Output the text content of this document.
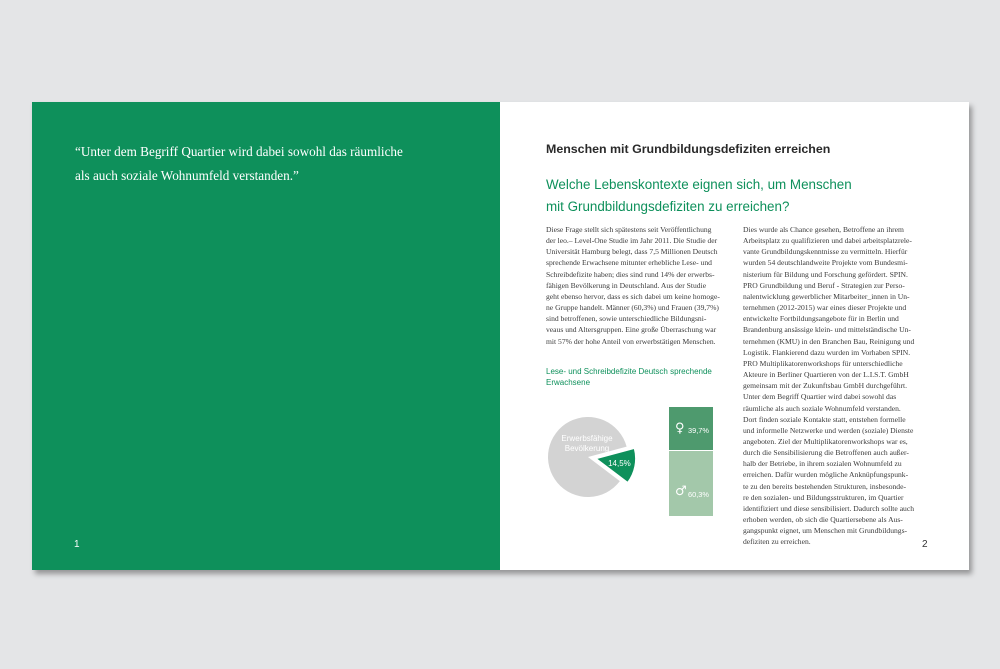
“Unter dem Begriff Quartier wird dabei sowohl das räumliche
als auch soziale Wohnumfeld verstanden.”
1
Menschen mit Grundbildungsdefiziten erreichen
Welche Lebenskontexte eignen sich, um Menschen
mit Grundbildungsdefiziten zu erreichen?
Diese Frage stellt sich spätestens seit Veröffentlichung
der leo.– Level-One Studie im Jahr 2011. Die Studie der
Universität Hamburg belegt, dass 7,5 Millionen Deutsch
sprechende Erwachsene mitunter erhebliche Lese- und
Schreibdefizite haben; dies sind rund 14% der erwerbs-
fähigen Bevölkerung in Deutschland. Aus der Studie
geht ebenso hervor, dass es sich dabei um keine homoge-
ne Gruppe handelt. Männer (60,3%) und Frauen (39,7%)
sind betroffenen, sowie unterschiedliche Bildungsni-
veaus und Altersgruppen. Eine große Überraschung war
mit 57% der hohe Anteil von erwerbstätigen Menschen.
Dies wurde als Chance gesehen, Betroffene an ihrem
Arbeitsplatz zu qualifizieren und dabei arbeitsplatzrele-
vante Grundbildungskenntnisse zu vermitteln. Hierfür
wurden 54 deutschlandweite Projekte vom Bundesmi-
nisterium für Bildung und Forschung gefördert. SPIN.
PRO Grundbildung und Beruf - Strategien zur Perso-
nalentwicklung gewerblicher Mitarbeiter_innen in Un-
ternehmen (2012-2015) war eines dieser Projekte und
entwickelte Fortbildungsangebote für in Berlin und
Brandenburg ansässige klein- und mittelständische Un-
ternehmen (KMU) in den Branchen Bau, Reinigung und
Logistik. Flankierend dazu wurden im Vorhaben SPIN.
PRO Multiplikatorenworkshops für unterschiedliche
Akteure in Berliner Quartieren von der L.I.S.T. GmbH
gemeinsam mit der Zukunftsbau GmbH durchgeführt.
Unter dem Begriff Quartier wird dabei sowohl das
räumliche als auch soziale Wohnumfeld verstanden.
Dort finden soziale Kontakte statt, entstehen formelle
und informelle Netzwerke und werden (soziale) Dienste
angeboten. Ziel der Multiplikatorenworkshops war es,
durch die Sensibilisierung die Betroffenen auch außer-
halb der Betriebe, in ihrem sozialen Wohnumfeld zu
erreichen. Dafür wurden mögliche Anknüpfungspunk-
te zu den bereits bestehenden Strukturen, insbesonde-
re den sozialen- und Bildungsstrukturen, im Quartier
identifiziert und diese sensibilisiert. Dadurch sollte auch
erhoben werden, ob sich die Quartiersebene als Aus-
gangspunkt eignet, um Menschen mit Grundbildungs-
defiziten zu erreichen.
Lese- und Schreibdefizite Deutsch sprechende Erwachsene
Erwerbsfähige
Bevölkerung
14,5%
♀ 39,7%
♂ 60,3%
2
